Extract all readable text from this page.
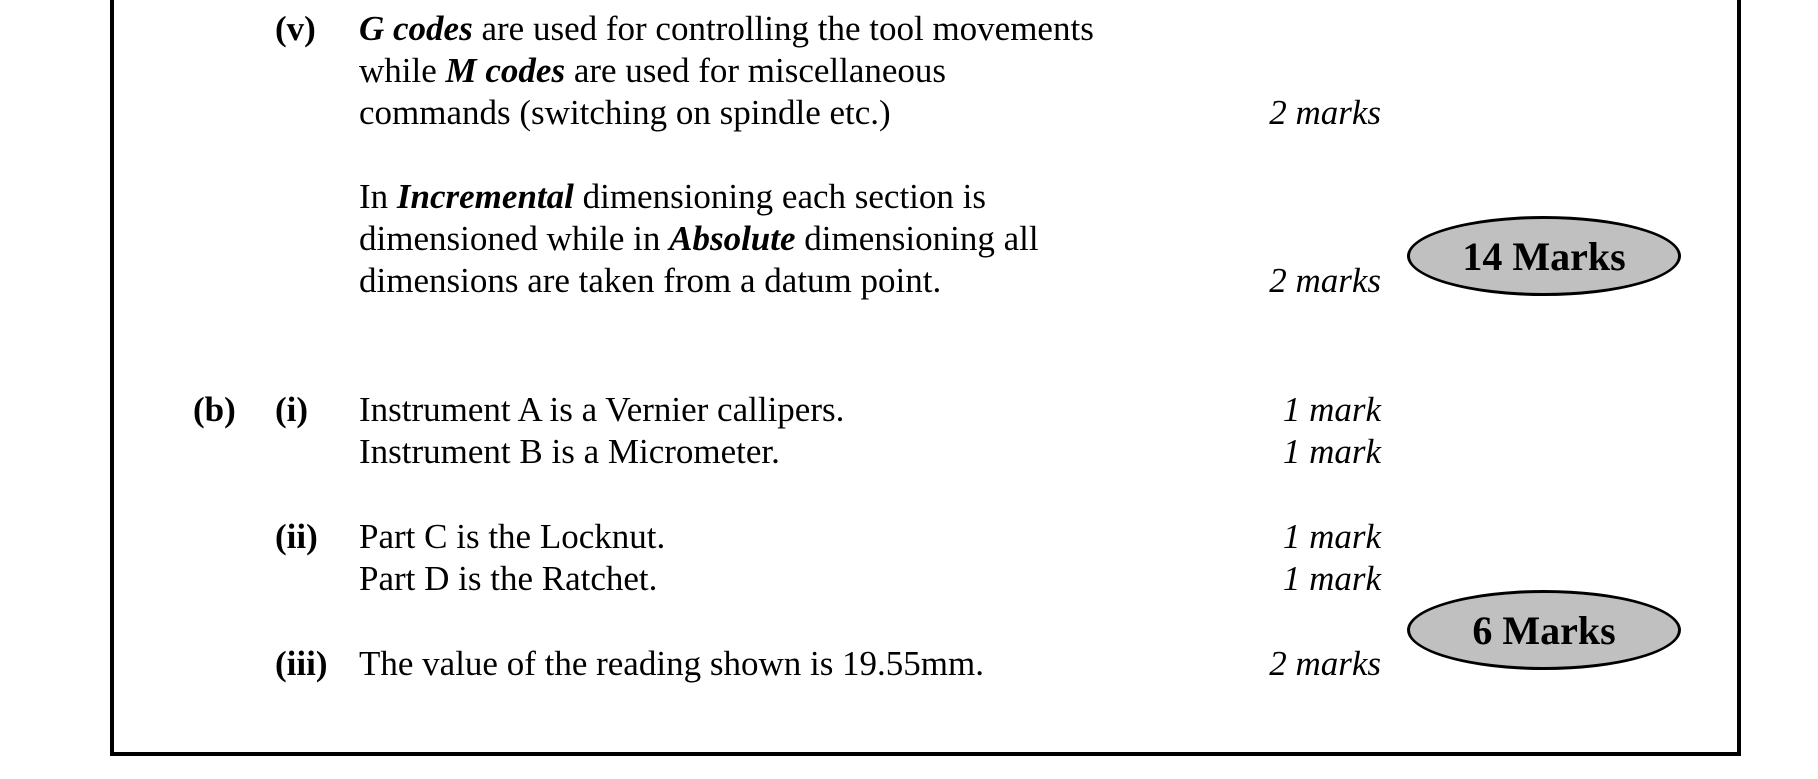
(v) G codes are used for controlling the tool movements
while M codes are used for miscellaneous
commands (switching on spindle etc.)	2 marks
In Incremental dimensioning each section is
dimensioned while in Absolute dimensioning all
dimensions are taken from a datum point.	2 marks
14 Marks
(b) (i) Instrument A is a Vernier callipers.	1 mark
Instrument B is a Micrometer.	1 mark
(ii) Part C is the Locknut.	1 mark
Part D is the Ratchet.	1 mark
(iii) The value of the reading shown is 19.55mm.	2 marks
6 Marks
